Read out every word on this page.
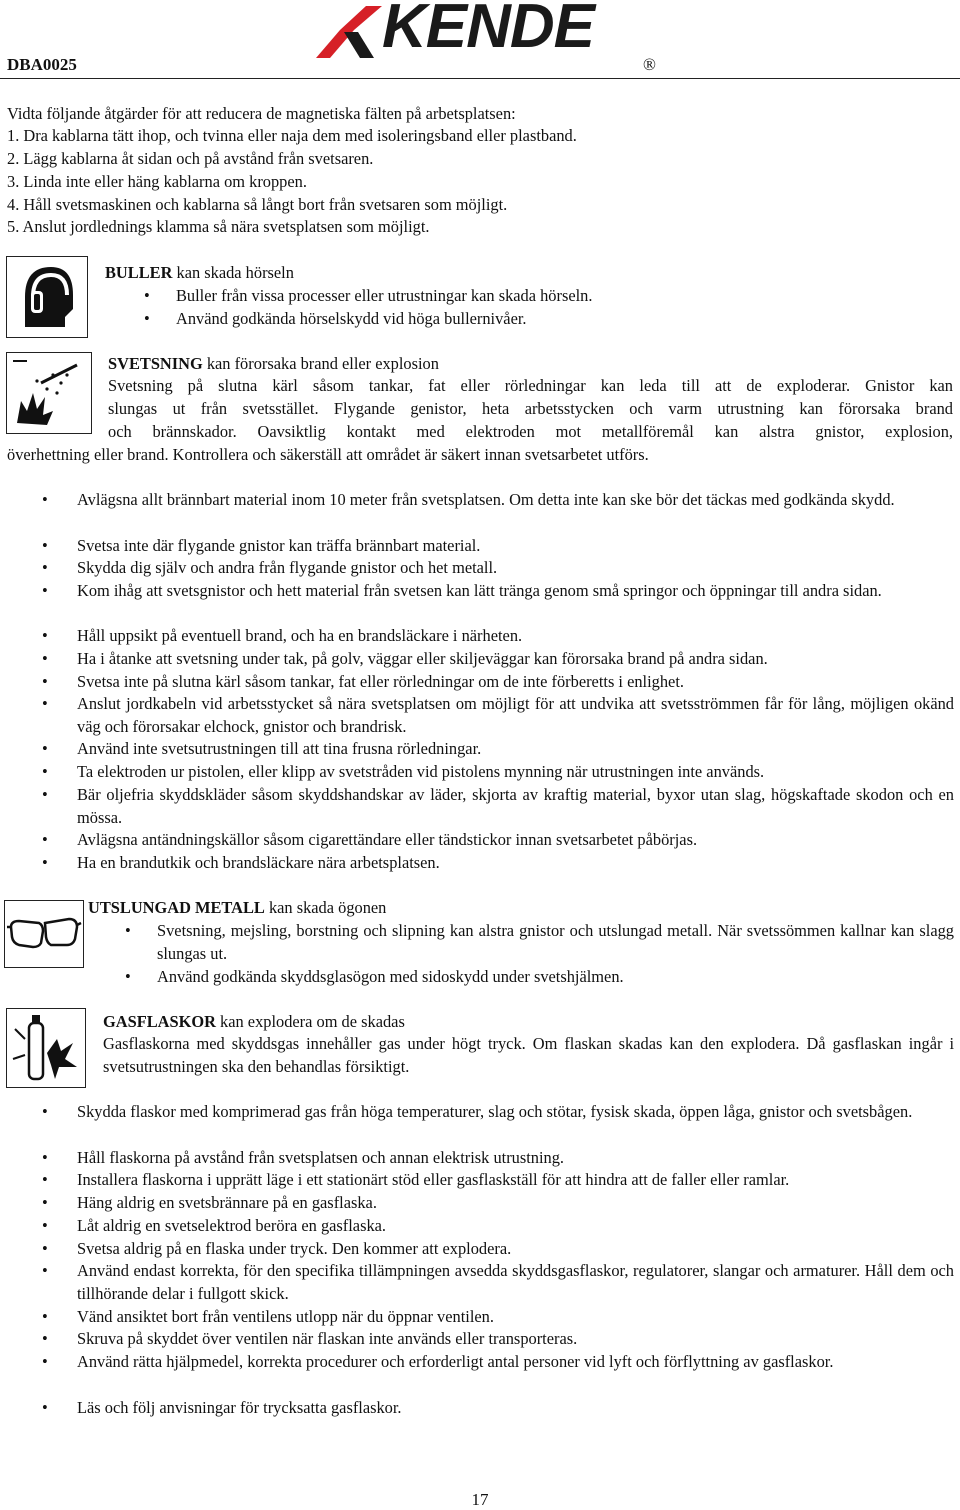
DBA0025
KENDE
®
Vidta följande åtgärder för att reducera de magnetiska fälten på arbetsplatsen:
1. Dra kablarna tätt ihop, och tvinna eller naja dem med isoleringsband eller plastband.
2. Lägg kablarna åt sidan och på avstånd från svetsaren.
3. Linda inte eller häng kablarna om kroppen.
4. Håll svetsmaskinen och kablarna så långt bort från svetsaren som möjligt.
5. Anslut jordlednings klamma så nära svetsplatsen som möjligt.
BULLER kan skada hörseln
• Buller från vissa processer eller utrustningar kan skada hörseln.
• Använd godkända hörselskydd vid höga bullernivåer.
SVETSNING kan förorsaka brand eller explosion
Svetsning på slutna kärl såsom tankar, fat eller rörledningar kan leda till att de exploderar. Gnistor kan
slungas ut från svetsstället. Flygande genistor, heta arbetsstycken och varm utrustning kan förorsaka brand
och brännskador. Oavsiktlig kontakt med elektroden mot metallföremål kan alstra gnistor, explosion,
överhettning eller brand. Kontrollera och säkerställ att området är säkert innan svetsarbetet utförs.
• Avlägsna allt brännbart material inom 10 meter från svetsplatsen. Om detta inte kan ske bör det täckas med godkända skydd.
• Svetsa inte där flygande gnistor kan träffa brännbart material.
• Skydda dig själv och andra från flygande gnistor och het metall.
• Kom ihåg att svetsgnistor och hett material från svetsen kan lätt tränga genom små springor och öppningar till andra sidan.
• Håll uppsikt på eventuell brand, och ha en brandsläckare i närheten.
• Ha i åtanke att svetsning under tak, på golv, väggar eller skiljeväggar kan förorsaka brand på andra sidan.
• Svetsa inte på slutna kärl såsom tankar, fat eller rörledningar om de inte förberetts i enlighet.
• Anslut jordkabeln vid arbetsstycket så nära svetsplatsen om möjligt för att undvika att svetsströmmen får för lång, möjligen okänd väg och förorsakar elchock, gnistor och brandrisk.
• Använd inte svetsutrustningen till att tina frusna rörledningar.
• Ta elektroden ur pistolen, eller klipp av svetstråden vid pistolens mynning när utrustningen inte används.
• Bär oljefria skyddskläder såsom skyddshandskar av läder, skjorta av kraftig material, byxor utan slag, högskaftade skodon och en mössa.
• Avlägsna antändningskällor såsom cigarettändare eller tändstickor innan svetsarbetet påbörjas.
• Ha en brandutkik och brandsläckare nära arbetsplatsen.
UTSLUNGAD METALL kan skada ögonen
• Svetsning, mejsling, borstning och slipning kan alstra gnistor och utslungad metall. När svetssömmen kallnar kan slagg slungas ut.
• Använd godkända skyddsglasögon med sidoskydd under svetshjälmen.
GASFLASKOR kan explodera om de skadas
Gasflaskorna med skyddsgas innehåller gas under högt tryck. Om flaskan skadas kan den explodera. Då gasflaskan ingår i svetsutrustningen ska den behandlas försiktigt.
• Skydda flaskor med komprimerad gas från höga temperaturer, slag och stötar, fysisk skada, öppen låga, gnistor och svetsbågen.
• Håll flaskorna på avstånd från svetsplatsen och annan elektrisk utrustning.
• Installera flaskorna i upprätt läge i ett stationärt stöd eller gasflaskställ för att hindra att de faller eller ramlar.
• Häng aldrig en svetsbrännare på en gasflaska.
• Låt aldrig en svetselektrod beröra en gasflaska.
• Svetsa aldrig på en flaska under tryck. Den kommer att explodera.
• Använd endast korrekta, för den specifika tillämpningen avsedda skyddsgasflaskor, regulatorer, slangar och armaturer. Håll dem och tillhörande delar i fullgott skick.
• Vänd ansiktet bort från ventilens utlopp när du öppnar ventilen.
• Skruva på skyddet över ventilen när flaskan inte används eller transporteras.
• Använd rätta hjälpmedel, korrekta procedurer och erforderligt antal personer vid lyft och förflyttning av gasflaskor.
• Läs och följ anvisningar för trycksatta gasflaskor.
17
